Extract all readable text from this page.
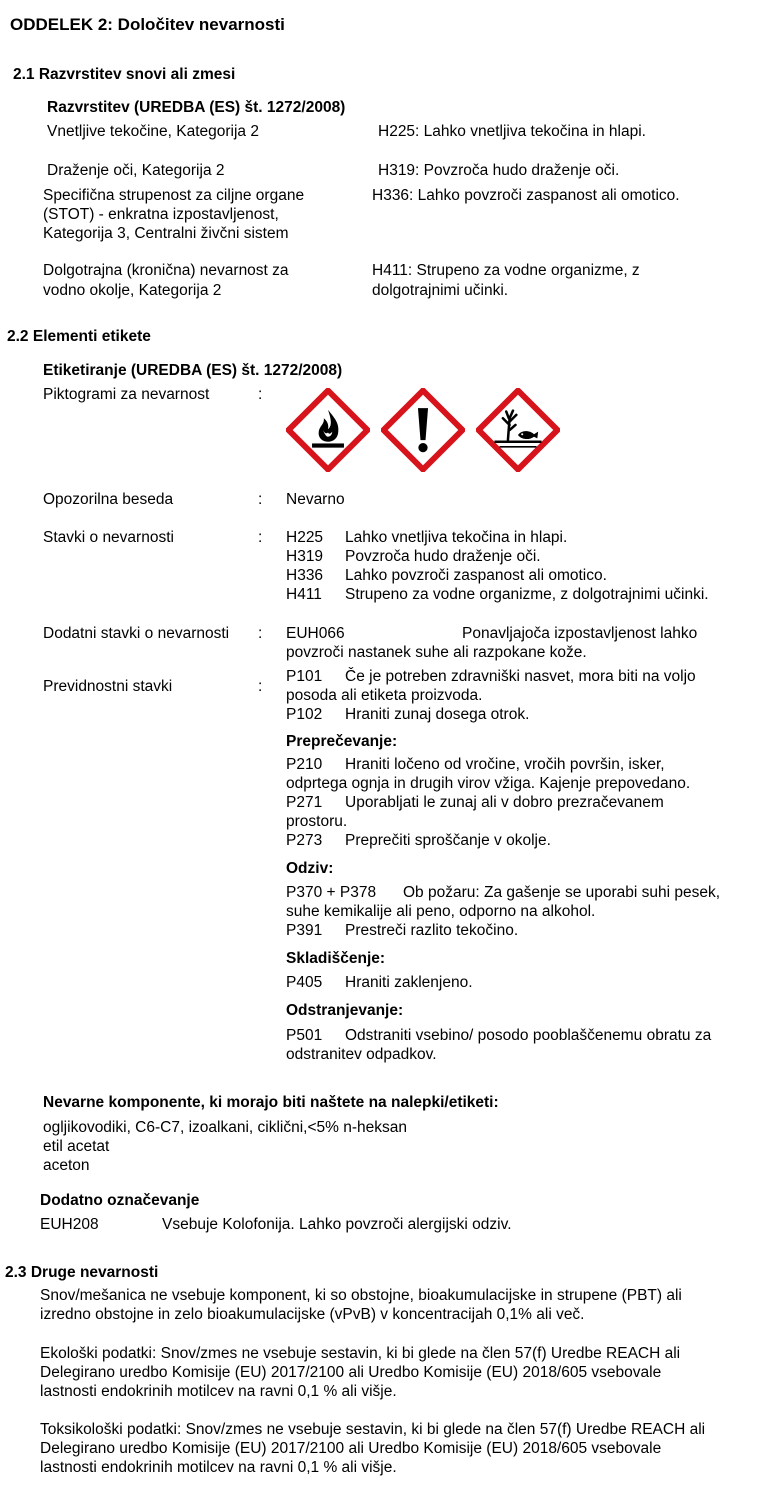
ODDELEK 2: Določitev nevarnosti
2.1 Razvrstitev snovi ali zmesi
Razvrstitev (UREDBA (ES) št. 1272/2008)
Vnetljive tekočine, Kategorija 2	H225: Lahko vnetljiva tekočina in hlapi.
Draženje oči, Kategorija 2	H319: Povzroča hudo draženje oči.
Specifična strupenost za ciljne organe
(STOT) - enkratna izpostavljenost,
Kategorija 3, Centralni živčni sistem
H336: Lahko povzroči zaspanost ali omotico.
Dolgotrajna (kronična) nevarnost za
vodno okolje, Kategorija 2
H411: Strupeno za vodne organizme, z
dolgotrajnimi učinki.
2.2 Elementi etikete
Etiketiranje (UREDBA (ES) št. 1272/2008)
Piktogrami za nevarnost	:
Opozorilna beseda	: Nevarno
Stavki o nevarnosti	: H225 Lahko vnetljiva tekočina in hlapi.
H319 Povzroča hudo draženje oči.
H336 Lahko povzroči zaspanost ali omotico.
H411 Strupeno za vodne organizme, z dolgotrajnimi učinki.
Dodatni stavki o nevarnosti : EUH066	Ponavljajoča izpostavljenost lahko
povzroči nastanek suhe ali razpokane kože.
Previdnostni stavki	:
P101 Če je potreben zdravniški nasvet, mora biti na voljo
posoda ali etiketa proizvoda.
P102 Hraniti zunaj dosega otrok.
Preprečevanje:
P210 Hraniti ločeno od vročine, vročih površin, isker,
odprtega ognja in drugih virov vžiga. Kajenje prepovedano.
P271 Uporabljati le zunaj ali v dobro prezračevanem
prostoru.
P273 Preprečiti sproščanje v okolje.
Odziv:
P370 + P378 Ob požaru: Za gašenje se uporabi suhi pesek,
suhe kemikalije ali peno, odporno na alkohol.
P391 Prestreči razlito tekočino.
Skladiščenje:
P405 Hraniti zaklenjeno.
Odstranjevanje:
P501 Odstraniti vsebino/ posodo pooblaščenemu obratu za
odstranitev odpadkov.
Nevarne komponente, ki morajo biti naštete na nalepki/etiketi:
ogljikovodiki, C6-C7, izoalkani, ciklični,<5% n-heksan
etil acetat
aceton
Dodatno označevanje
EUH208	Vsebuje Kolofonija. Lahko povzroči alergijski odziv.
2.3 Druge nevarnosti
Snov/mešanica ne vsebuje komponent, ki so obstojne, bioakumulacijske in strupene (PBT) ali
izredno obstojne in zelo bioakumulacijske (vPvB) v koncentracijah 0,1% ali več.
Ekološki podatki: Snov/zmes ne vsebuje sestavin, ki bi glede na člen 57(f) Uredbe REACH ali
Delegirano uredbo Komisije (EU) 2017/2100 ali Uredbo Komisije (EU) 2018/605 vsebovale
lastnosti endokrinih motilcev na ravni 0,1 % ali višje.
Toksikološki podatki: Snov/zmes ne vsebuje sestavin, ki bi glede na člen 57(f) Uredbe REACH ali
Delegirano uredbo Komisije (EU) 2017/2100 ali Uredbo Komisije (EU) 2018/605 vsebovale
lastnosti endokrinih motilcev na ravni 0,1 % ali višje.
